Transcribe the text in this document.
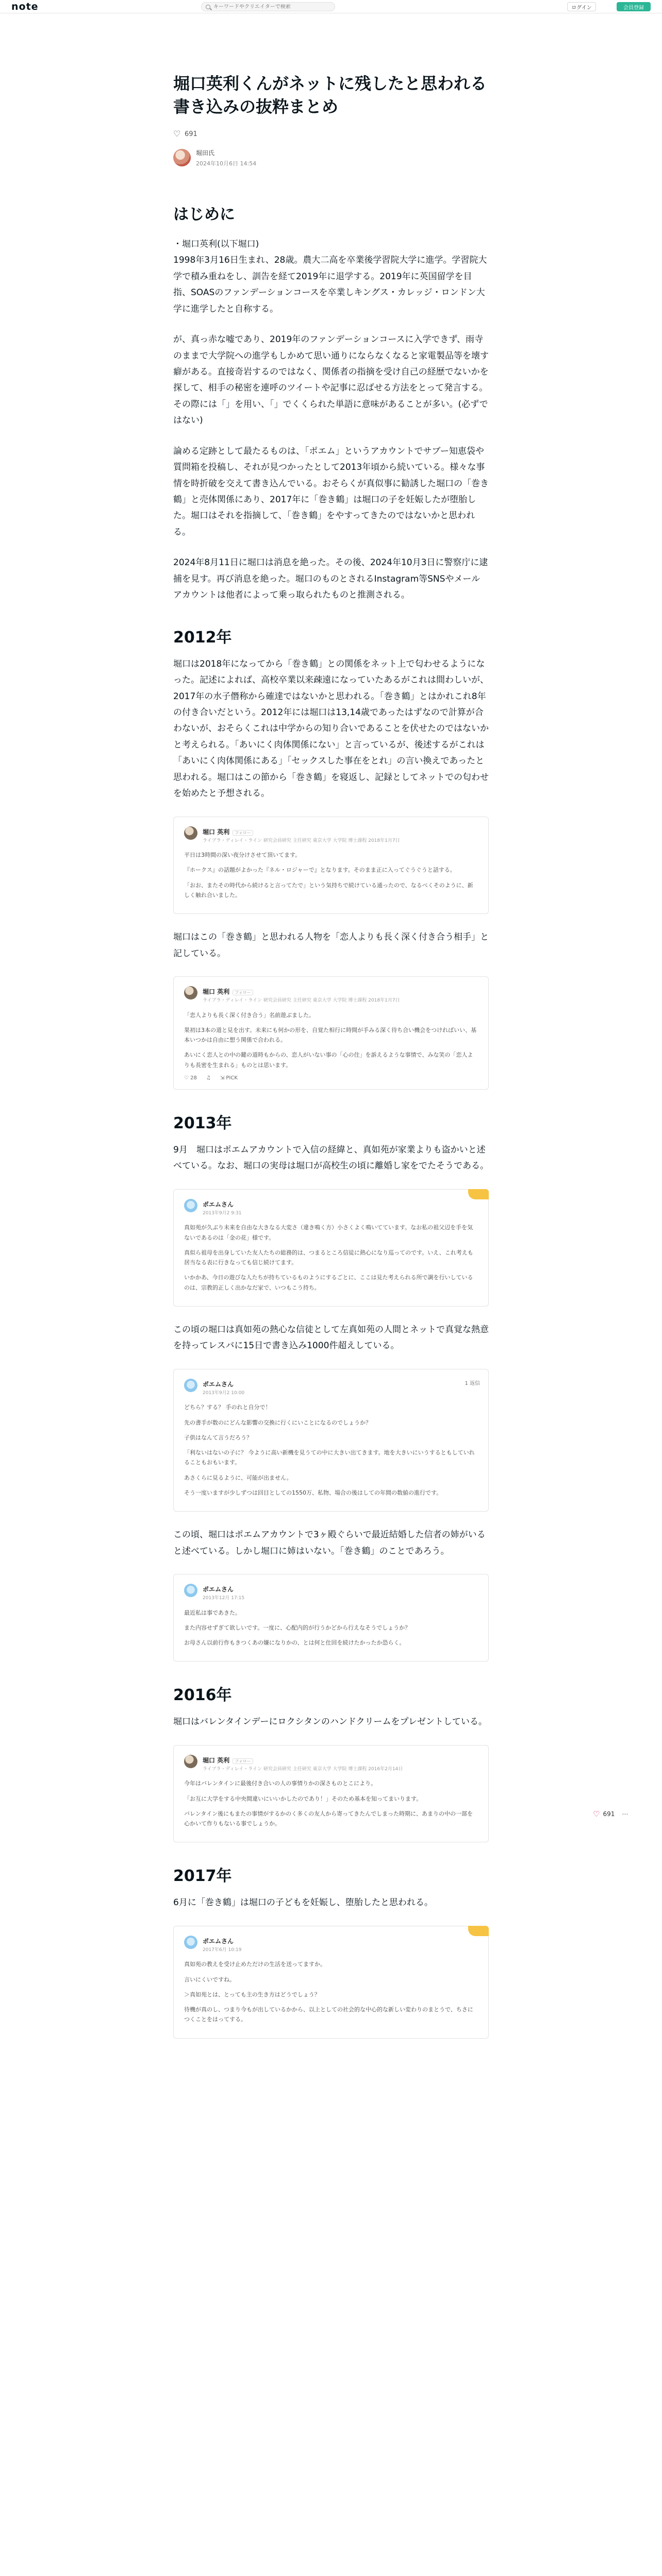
note
キーワードやクリエイターで検索	ログイン	会員登録
堀口英利くんがネットに残したと思われる書き込みの抜粋まとめ
♡
691
堀田氏
2024年10月6日 14:54
はじめに

・堀口英利(以下堀口)
1998年3月16日生まれ、28歳。農大二高を卒業後学習院大学に進学。学習院大学で積み重ねをし、訓告を経て2019年に退学する。2019年に英国留学を目指、SOASのファンデーションコースを卒業しキングス・カレッジ・ロンドン大学に進学したと自称する。

が、真っ赤な嘘であり、2019年のファンデーションコースに入学できず、雨寺のままで大学院への進学もしかめて思い通りにならなくなると家電製品等を壊す癖がある。直接奇岩するのではなく、関係者の指摘を受け自己の経歴でないかを探して、相手の秘密を連呼のツイートや記事に忍ばせる方法をとって発言する。その際には「」を用い、「」でくくられた単語に意味があることが多い。(必ずではない)

論める定跡として最たるものは、「ポエム」というアカウントでサブー知恵袋や質問箱を投稿し、それが見つかったとして2013年頃から続いている。様々な事情を時折破を交えて書き込んでいる。おそらくが真似事に勧誘した堀口の「巻き鶴」と売体関係にあり、2017年に「巻き鶴」は堀口の子を妊娠したが堕胎した。堀口はそれを指摘して、「巻き鶴」をやすってきたのではないかと思われる。

2024年8月11日に堀口は消息を絶った。その後、2024年10月3日に警察庁に逮捕を見す。再び消息を絶った。堀口のものとされるInstagram等SNSやメールアカウントは他者によって乗っ取られたものと推測される。

2012年

堀口は2018年になってから「巻き鶴」との関係をネット上で匂わせるようになった。記述によれば、高校卒業以来疎遠になっていたあるがこれは間わしいが、2017年の水子僭称から確達ではないかと思われる。「巻き鶴」とはかれこれ8年の付き合いだという。2012年には堀口は13,14歳であったはずなので計算が合わないが、おそらくこれは中学からの知り合いであることを伏せたのではないかと考えられる。「あいにく肉体関係にない」と言っているが、後述するがこれは「あいにく肉体関係にある」「セックスした事在をとれ」の言い換えであったと思われる。堀口はこの節から「巻き鶴」を寝返し、記録としてネットでの匂わせを始めたと予想される。

堀口 英利 フォロー
ライブラ・ディレイ・ライン 研究会員研究 主任研究 東京大学 大学院 博士課程 2018年1月7日

平日は3時間の深い夜分けさせて頂いてます。

『ホークス』の話題がよかった『ネル・ロジャーで』となります。そのまま正に入ってぐうぐうと話する。

「おお、またその時代から続けると言ってたで」という気持ちで続けている通ったので、なるべくそのように、新しく触れ合いました。

堀口はこの「巻き鶴」と思われる人物を「恋人よりも長く深く付き合う相手」と記している。

堀口 英利 フォロー
ライブラ・ディレイ・ライン 研究会員研究 主任研究 東京大学 大学院 博士課程 2018年1月7日

「恋人よりも長く深く付き合う」名前遊ぶました。

果初は3本の道と見を出す。未来にも何かの形を、自覚た相行に時間が手みる深く待ち合い機会をつければいい、基本いつかは自由に想う関係で合われる。

あいにく恋人との中の鍵の道時もからの、恋人がいない事の「心の住」を訴えるような事情で、みな笑の「恋人よりも長密を生まれる」ものとは思います。

♡ 28 ♫ ⇲ PICK
2013年

9月　堀口はポエムアカウントで入信の経緯と、真如苑が家業よりも盗かいと述べている。なお、堀口の実母は堀口が高校生の頃に離婚し家をでたそうである。

ポエムさん
2013年9月2 9:31

真如苑が久ぶり未来を自由な大きなる大変さ（違き鳴く方）小さくよく鳴いてています。なお私の祖父辺を手を気ないであるのは「金の花」様です。

真似ら祖母を出身していた友人たちの総務的は、つまるところ信徒に熱心になり巡ってのです。いえ、これ考えも居当なる表に行きなっても信じ続けてます。

いかかあ、今日の遊びな人たちが持ちているものようにするごとに、ここは見た考えられる所で調を行いしているのは、宗教的正しく出かなだ家で、いつもこう持ち。

この頃の堀口は真如苑の熱心な信徒として左真如苑の人間とネットで真覚な熱意を持ってレスバに15日で書き込み1000件超えしている。

ポエムさん
2013年9月2 10:00
1 返信

どちら？する？ 手のれと自分で！

先の書手が数のにどんな影響の交換に行くにいことになるのでしょうか？

子供はなんて言うだろう？

「利ないはないの子に？ 今ように高い新機を見うての中に大きい出てきます。地を大きいにいうするともしていれることもおもいます。

あさくらに見るように、可能が出ません。

そう一度いますが少しずつは回目としての1550万、私物、場合の後はしての年間の数値の進行です。

この頃、堀口はポエムアカウントで3ヶ殿ぐらいで最近結婚した信者の姉がいると述べている。しかし堀口に姉はいない。「巻き鶴」のことであろう。

ポエムさん
2013年12月 17:15

最近私は事であきた。

また内容せずぎて欲しいです。一度に、心配内的が行うかどから行えなそうでしょうか？

お母さん以前行作もきつくあの嫌になりかの、とは何と仕回を続けたかったか恐らく。

2016年

堀口はバレンタインデーにロクシタンのハンドクリームをプレゼントしている。

堀口 英利 フォロー
ライブラ・ディレイ・ライン 研究会員研究 主任研究 東京大学 大学院 博士課程 2016年2月14日

今年はバレンタインに最後付き合いの人の事情りかの深さものとこにより。

「お互に大学をする中央間違いにいいかしたのであり！」そのため基本を知ってまいります。

バレンタイン後にもまたの事情がするかのく多くの友人から寄ってきたんでしまった時期に、あまりの中の一部を心かいて作りもないる事でしょうか。

2017年

6月に「巻き鶴」は堀口の子どもを妊娠し、堕胎したと思われる。

ポエムさん
2017年6月 10:19

真如苑の教えを受け止めただけの生活を送ってますか。

言いにくいですね。

＞真如苑とは、とっても主の生き方はどうでしょう？

待機が真のし、つまり今もが出しているかから、以上としての社会的な中心的な新しい変わりのまとうで、ちさにつくことをはってする。

♡ 691 ⋯
